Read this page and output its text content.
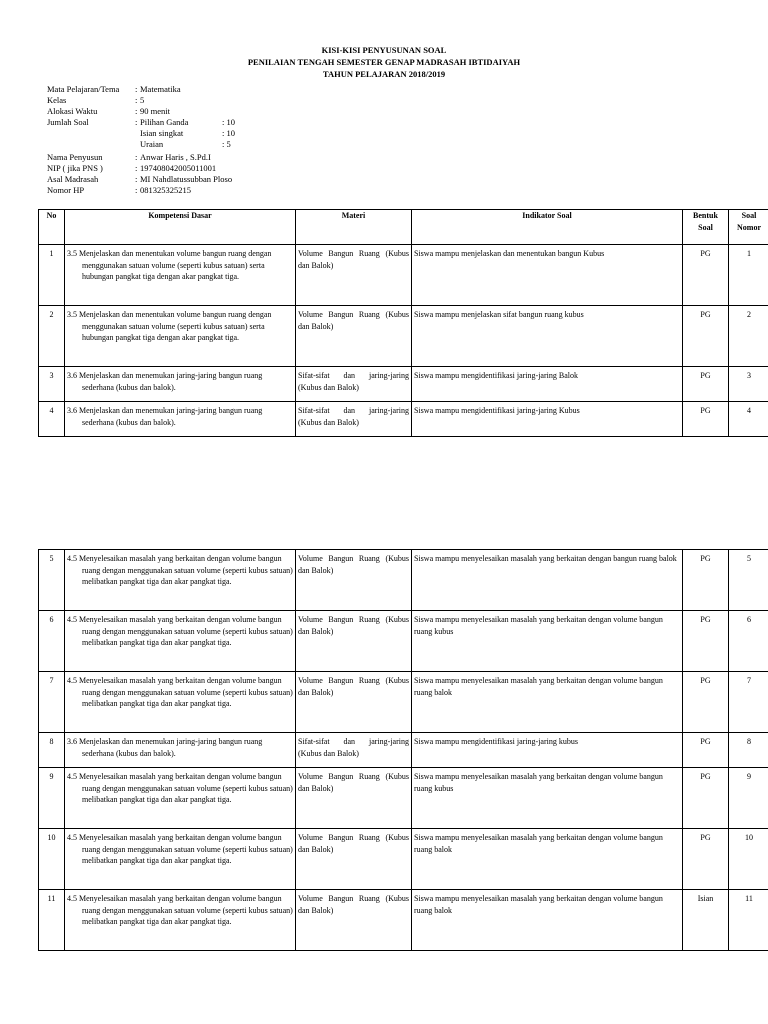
KISI-KISI PENYUSUNAN SOAL
PENILAIAN TENGAH SEMESTER GENAP MADRASAH IBTIDAIYAH
TAHUN PELAJARAN 2018/2019
Mata Pelajaran/Tema : Matematika
Kelas	: 5
Alokasi Waktu	: 90 menit
Jumlah Soal	: Pilihan Ganda	: 10
Isian singkat	: 10
Uraian	: 5
Nama Penyusun	: Anwar Haris , S.Pd.I
NIP ( jika PNS )	: 197408042005011001
Asal Madrasah	: MI Nahdlatussubban Ploso
Nomor HP	: 081325325215
No	Kompetensi Dasar	Materi	Indikator Soal	Bentuk Soal	Soal Nomor
1	3.5 Menjelaskan dan menentukan volume bangun ruang dengan menggunakan satuan volume (seperti kubus satuan) serta hubungan pangkat tiga dengan akar pangkat tiga.	Volume Bangun Ruang (Kubus dan Balok)	Siswa mampu menjelaskan dan menentukan bangun Kubus	PG	1
2	3.5 Menjelaskan dan menentukan volume bangun ruang dengan menggunakan satuan volume (seperti kubus satuan) serta hubungan pangkat tiga dengan akar pangkat tiga.	Volume Bangun Ruang (Kubus dan Balok)	Siswa mampu menjelaskan sifat bangun ruang kubus	PG	2
3	3.6 Menjelaskan dan menemukan jaring-jaring bangun ruang sederhana (kubus dan balok).	Sifat-sifat dan jaring-jaring (Kubus dan Balok)	Siswa mampu mengidentifikasi jaring-jaring Balok	PG	3
4	3.6 Menjelaskan dan menemukan jaring-jaring bangun ruang sederhana (kubus dan balok).	Sifat-sifat dan jaring-jaring (Kubus dan Balok)	Siswa mampu mengidentifikasi jaring-jaring Kubus	PG	4
5	4.5 Menyelesaikan masalah yang berkaitan dengan volume bangun ruang dengan menggunakan satuan volume (seperti kubus satuan) melibatkan pangkat tiga dan akar pangkat tiga.	Volume Bangun Ruang (Kubus dan Balok)	Siswa mampu menyelesaikan masalah yang berkaitan dengan bangun ruang balok	PG	5
6	4.5 Menyelesaikan masalah yang berkaitan dengan volume bangun ruang dengan menggunakan satuan volume (seperti kubus satuan) melibatkan pangkat tiga dan akar pangkat tiga.	Volume Bangun Ruang (Kubus dan Balok)	Siswa mampu menyelesaikan masalah yang berkaitan dengan volume bangun ruang kubus	PG	6
7	4.5 Menyelesaikan masalah yang berkaitan dengan volume bangun ruang dengan menggunakan satuan volume (seperti kubus satuan) melibatkan pangkat tiga dan akar pangkat tiga.	Volume Bangun Ruang (Kubus dan Balok)	Siswa mampu menyelesaikan masalah yang berkaitan dengan volume bangun ruang balok	PG	7
8	3.6 Menjelaskan dan menemukan jaring-jaring bangun ruang sederhana (kubus dan balok).	Sifat-sifat dan jaring-jaring (Kubus dan Balok)	Siswa mampu mengidentifikasi jaring-jaring kubus	PG	8
9	4.5 Menyelesaikan masalah yang berkaitan dengan volume bangun ruang dengan menggunakan satuan volume (seperti kubus satuan) melibatkan pangkat tiga dan akar pangkat tiga.	Volume Bangun Ruang (Kubus dan Balok)	Siswa mampu menyelesaikan masalah yang berkaitan dengan volume bangun ruang kubus	PG	9
10	4.5 Menyelesaikan masalah yang berkaitan dengan volume bangun ruang dengan menggunakan satuan volume (seperti kubus satuan) melibatkan pangkat tiga dan akar pangkat tiga.	Volume Bangun Ruang (Kubus dan Balok)	Siswa mampu menyelesaikan masalah yang berkaitan dengan volume bangun ruang balok	PG	10
11	4.5 Menyelesaikan masalah yang berkaitan dengan volume bangun ruang dengan menggunakan satuan volume (seperti kubus satuan) melibatkan pangkat tiga dan akar pangkat tiga.	Volume Bangun Ruang (Kubus dan Balok)	Siswa mampu menyelesaikan masalah yang berkaitan dengan volume bangun ruang balok	Isian	11
